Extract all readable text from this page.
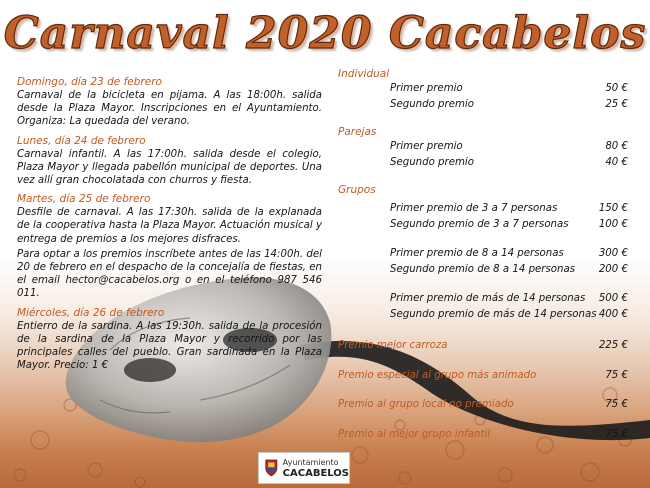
Carnaval 2020 Cacabelos
Domingo, día 23 de febrero

Carnaval de la bicicleta en pijama. A las 18:00h. salida desde la Plaza Mayor. Inscripciones en el Ayuntamiento. Organiza: La quedada del verano.

Lunes, día 24 de febrero

Carnaval infantil. A las 17:00h. salida desde el colegio, Plaza Mayor y llegada pabellón municipal de deportes. Una vez allí gran chocolatada con churros y fiesta.

Martes, día 25 de febrero

Desfile de carnaval. A las 17:30h. salida de la explanada de la cooperativa hasta la Plaza Mayor. Actuación musical y entrega de premios a los mejores disfraces.

Para optar a los premios inscríbete antes de las 14:00h. del 20 de febrero en el despacho de la concejalía de fiestas, en el email hector@cacabelos.org o en el teléfono 987 546 011.

Miércoles, día 26 de febrero

Entierro de la sardina. A las 19:30h. salida de la procesión de la sardina de la Plaza Mayor y recorrido por las principales calles del pueblo. Gran sardinada en la Plaza Mayor. Precio: 1 €

Individual
Primer premio	50 €
Segundo premio	25 €
Parejas
Primer premio	80 €
Segundo premio	40 €
Grupos
Primer premio de 3 a 7 personas	150 €
Segundo premio de 3 a 7 personas	100 €
Primer premio de 8 a 14 personas	300 €
Segundo premio de 8 a 14 personas 200 €
Primer premio de más de 14 personas 500 €
Segundo premio de más de 14 personas 400 €
Premio mejor carroza	225 €
Premio especial al grupo más animado	75 €
Premio al grupo local no premiado	75 €
Premio al mejor grupo infantil	75 €
Ayuntamiento
CACABELOS
